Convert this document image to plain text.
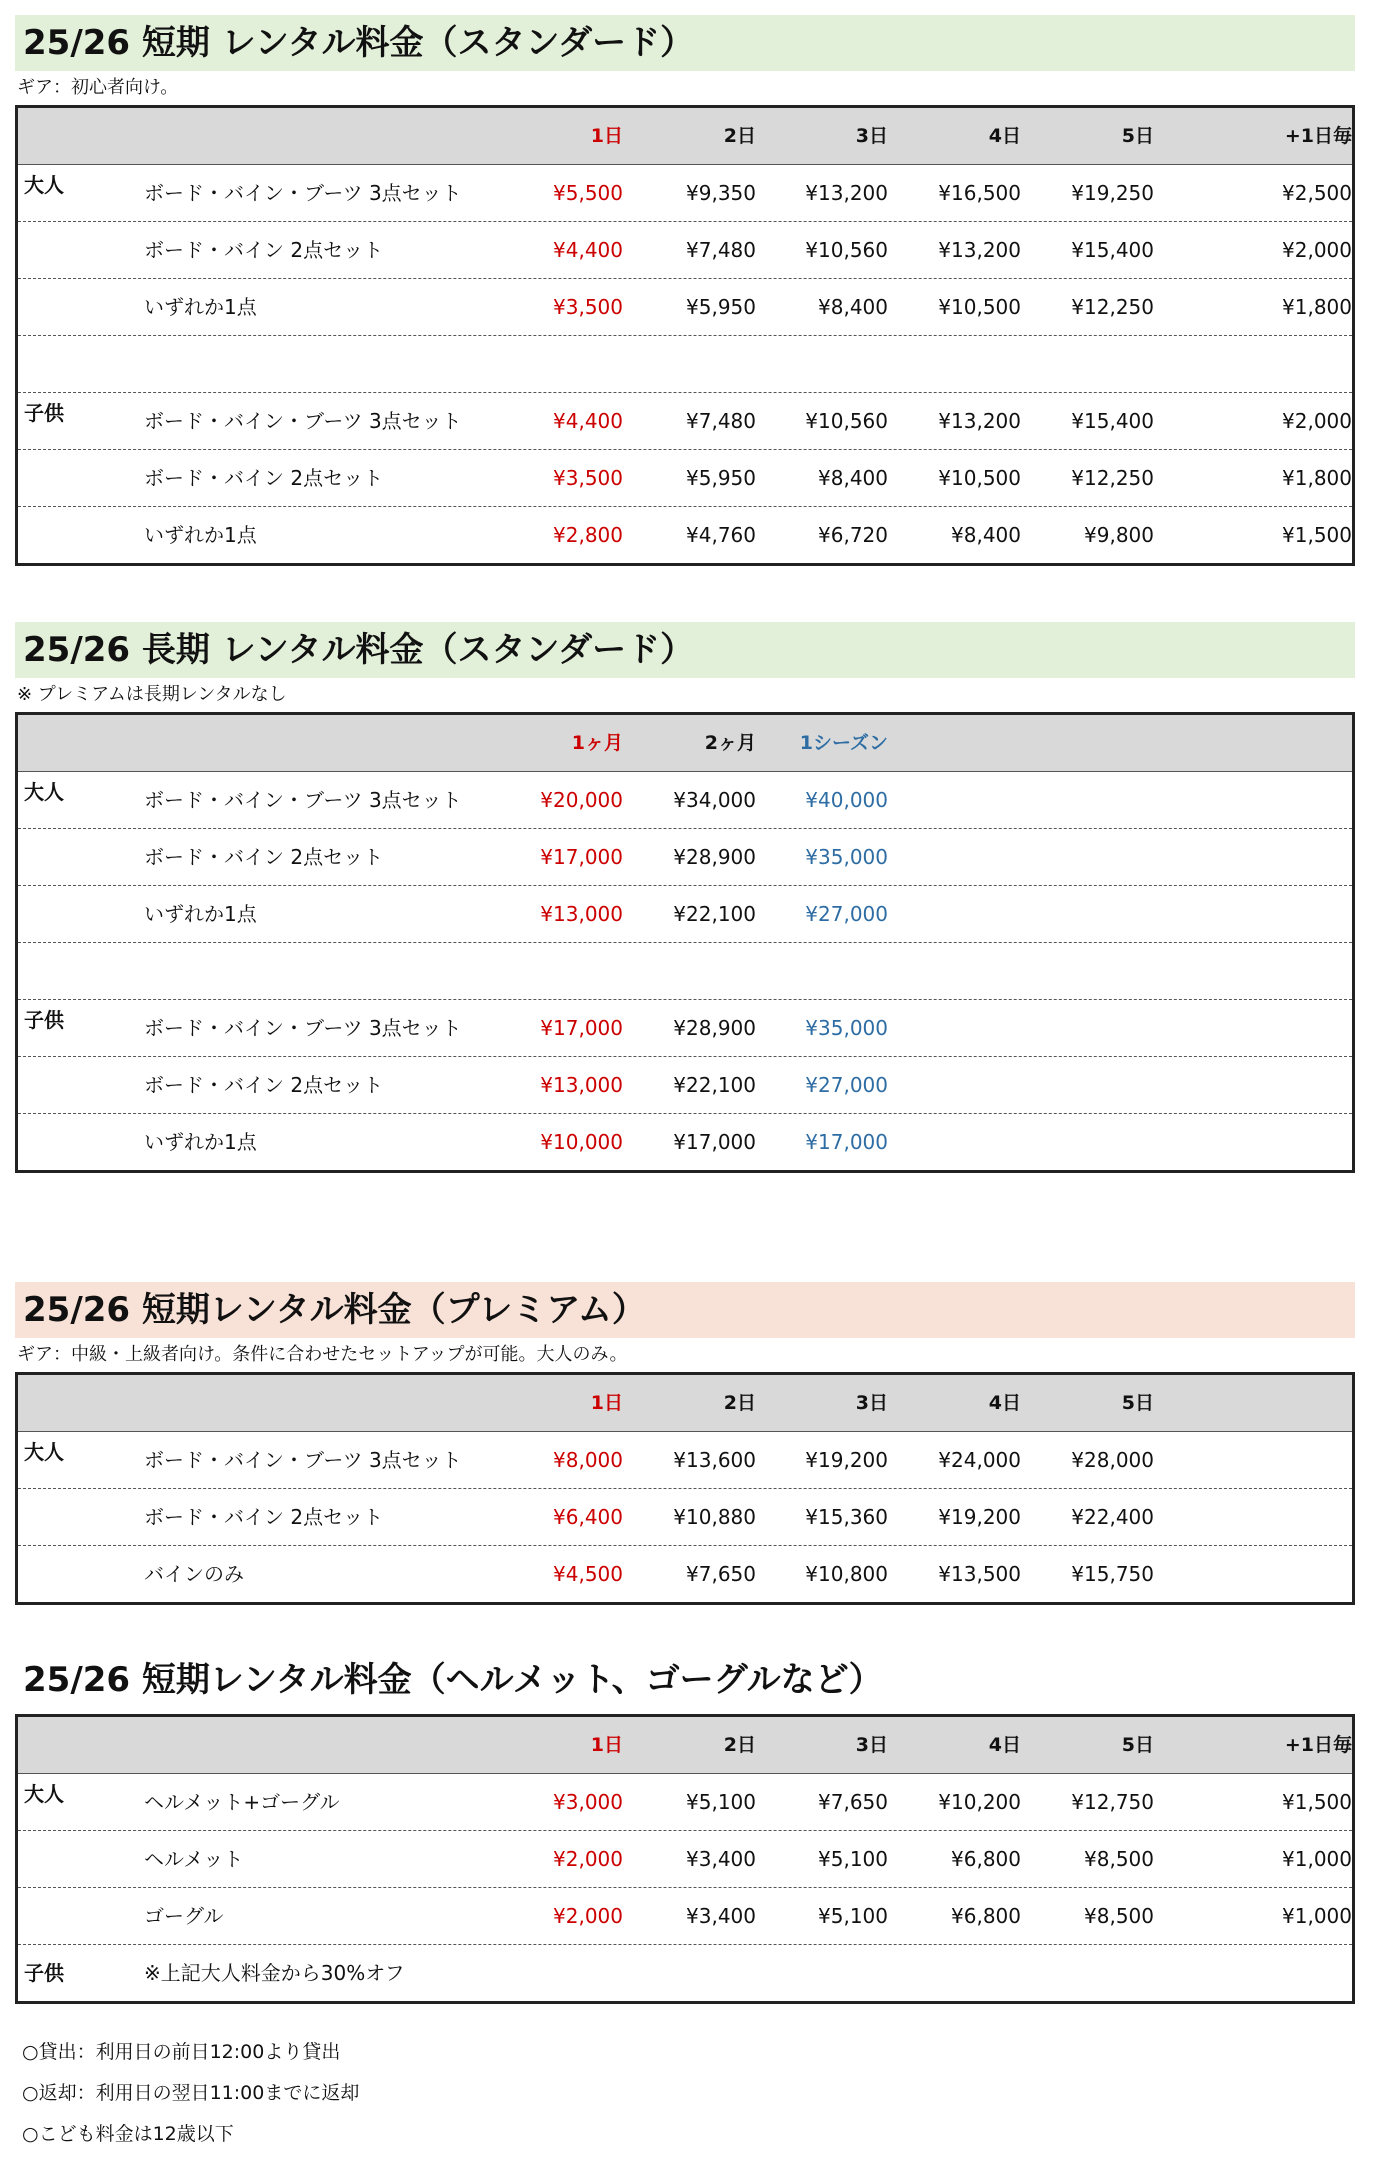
25/26 短期 レンタル料金（スタンダード）
ギア：初心者向け。
1日	2日	3日	4日	5日	+1日毎
大人	ボード・バイン・ブーツ 3点セット	¥5,500	¥9,350	¥13,200	¥16,500	¥19,250	¥2,500
ボード・バイン 2点セット	¥4,400	¥7,480	¥10,560	¥13,200	¥15,400	¥2,000
いずれか1点	¥3,500	¥5,950	¥8,400	¥10,500	¥12,250	¥1,800
子供	ボード・バイン・ブーツ 3点セット	¥4,400	¥7,480	¥10,560	¥13,200	¥15,400	¥2,000
ボード・バイン 2点セット	¥3,500	¥5,950	¥8,400	¥10,500	¥12,250	¥1,800
いずれか1点	¥2,800	¥4,760	¥6,720	¥8,400	¥9,800	¥1,500
25/26 長期 レンタル料金（スタンダード）
※ プレミアムは長期レンタルなし
1ヶ月	2ヶ月	1シーズン
大人	ボード・バイン・ブーツ 3点セット	¥20,000	¥34,000	¥40,000
ボード・バイン 2点セット	¥17,000	¥28,900	¥35,000
いずれか1点	¥13,000	¥22,100	¥27,000
子供	ボード・バイン・ブーツ 3点セット	¥17,000	¥28,900	¥35,000
ボード・バイン 2点セット	¥13,000	¥22,100	¥27,000
いずれか1点	¥10,000	¥17,000	¥17,000
25/26 短期レンタル料金（プレミアム）
ギア：中級・上級者向け。条件に合わせたセットアップが可能。大人のみ。
1日	2日	3日	4日	5日
大人	ボード・バイン・ブーツ 3点セット	¥8,000	¥13,600	¥19,200	¥24,000	¥28,000
ボード・バイン 2点セット	¥6,400	¥10,880	¥15,360	¥19,200	¥22,400
バインのみ	¥4,500	¥7,650	¥10,800	¥13,500	¥15,750
25/26 短期レンタル料金（ヘルメット、ゴーグルなど）
1日	2日	3日	4日	5日	+1日毎
大人	ヘルメット+ゴーグル	¥3,000	¥5,100	¥7,650	¥10,200	¥12,750	¥1,500
ヘルメット	¥2,000	¥3,400	¥5,100	¥6,800	¥8,500	¥1,000
ゴーグル	¥2,000	¥3,400	¥5,100	¥6,800	¥8,500	¥1,000
子供	※上記大人料金から30%オフ
○貸出：利用日の前日12:00より貸出
○返却：利用日の翌日11:00までに返却
○こども料金は12歳以下
